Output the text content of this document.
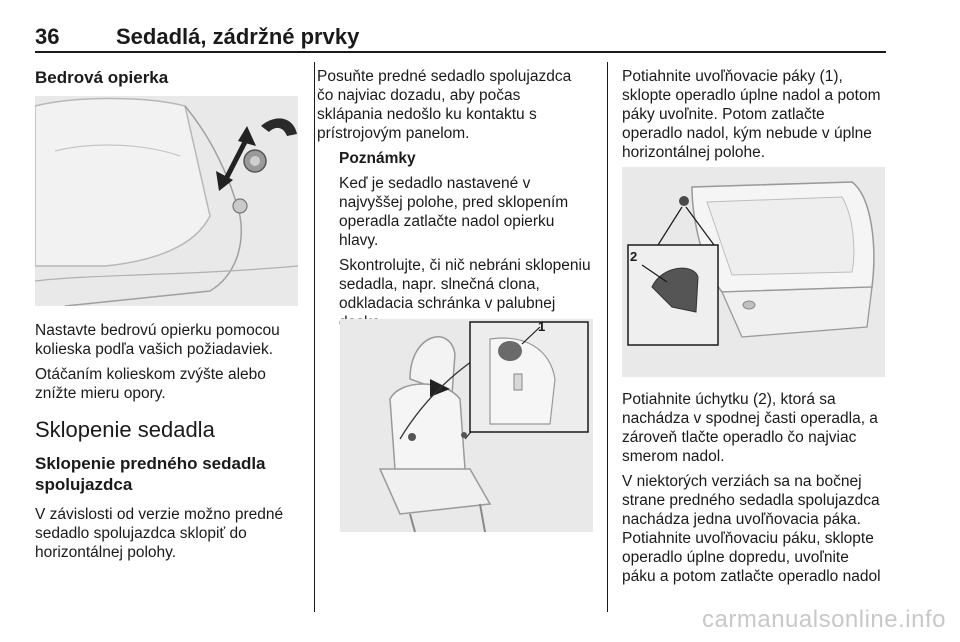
36	Sedadlá, zádržné prvky
Bedrová opierka

Nastavte bedrovú opierku pomocou
kolieska podľa vašich požiadaviek.

Otáčaním kolieskom zvýšte alebo
znížte mieru opory.

Sklopenie sedadla
Sklopenie predného sedadla
spolujazdca

V závislosti od verzie možno predné
sedadlo spolujazdca sklopiť do
horizontálnej polohy.

Posuňte predné sedadlo spolujazdca
čo najviac dozadu, aby počas
sklápania nedošlo ku kontaktu s
prístrojovým panelom.

Poznámky

Keď je sedadlo nastavené v
najvyššej polohe, pred sklopením
operadla zatlačte nadol opierku
hlavy.

Skontrolujte, či nič nebráni sklopeniu
sedadla, napr. slnečná clona,
odkladacia schránka v palubnej

1

Potiahnite uvoľňovacie páky (1),
sklopte operadlo úplne nadol a potom
páky uvoľnite. Potom zatlačte
operadlo nadol, kým nebude v úplne
horizontálnej polohe.

2

Potiahnite úchytku (2), ktorá sa
nachádza v spodnej časti operadla, a
zároveň tlačte operadlo čo najviac
smerom nadol.

V niektorých verziách sa na bočnej
strane predného sedadla spolujazdca
nachádza jedna uvoľňovacia páka.
Potiahnite uvoľňovaciu páku, sklopte
operadlo úplne dopredu, uvoľnite
páku a potom zatlačte operadlo nadol

carmanualsonline.info
